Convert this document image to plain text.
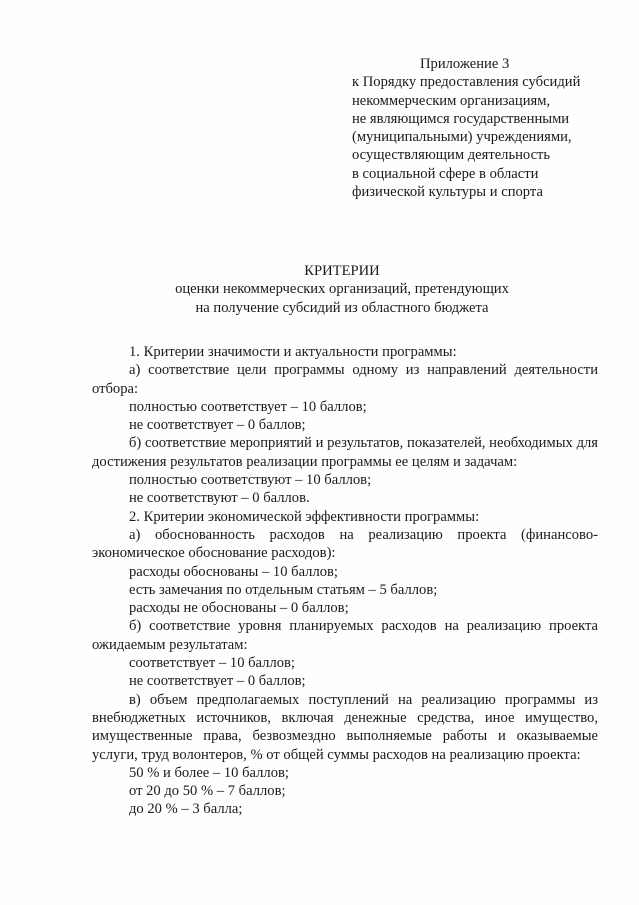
Приложение 3
к Порядку предоставления субсидий
некоммерческим организациям,
не являющимся государственными
(муниципальными) учреждениями,
осуществляющим деятельность
в социальной сфере в области
физической культуры и спорта
КРИТЕРИИ
оценки некоммерческих организаций, претендующих
на получение субсидий из областного бюджета

1. Критерии значимости и актуальности программы:

а) соответствие цели программы одному из направлений деятельности отбора:

полностью соответствует – 10 баллов;

не соответствует – 0 баллов;

б) соответствие мероприятий и результатов, показателей, необходимых для достижения результатов реализации программы ее целям и задачам:

полностью соответствуют – 10 баллов;

не соответствуют – 0 баллов.

2. Критерии экономической эффективности программы:

а) обоснованность расходов на реализацию проекта (финансово-экономическое обоснование расходов):

расходы обоснованы – 10 баллов;

есть замечания по отдельным статьям – 5 баллов;

расходы не обоснованы – 0 баллов;

б) соответствие уровня планируемых расходов на реализацию проекта ожидаемым результатам:

соответствует – 10 баллов;

не соответствует – 0 баллов;

в) объем предполагаемых поступлений на реализацию программы из внебюджетных источников, включая денежные средства, иное имущество, имущественные права, безвозмездно выполняемые работы и оказываемые услуги, труд волонтеров, % от общей суммы расходов на реализацию проекта:

50 % и более – 10 баллов;

от 20 до 50 % – 7 баллов;

до 20 % – 3 балла;
